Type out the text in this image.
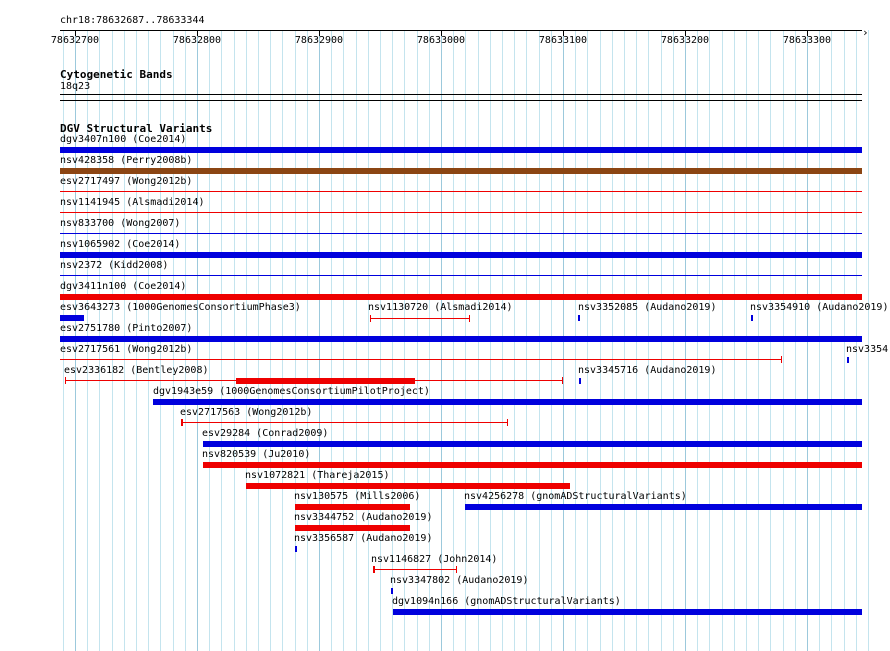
chr18:78632687..78633344
›
78632700	78632800	78632900	78633000	78633100	78633200	78633300
Cytogenetic Bands
18q23
DGV Structural Variants
dgv3407n100 (Coe2014)
nsv428358 (Perry2008b)
esv2717497 (Wong2012b)
nsv1141945 (Alsmadi2014)
nsv833700 (Wong2007)
nsv1065902 (Coe2014)
nsv2372 (Kidd2008)
dgv3411n100 (Coe2014)
esv3643273 (1000GenomesConsortiumPhase3)	nsv1130720 (Alsmadi2014)	nsv3352085 (Audano2019)	nsv3354910 (Audano2019)
esv2751780 (Pinto2007)
esv2717561 (Wong2012b)	nsv3354
esv2336182 (Bentley2008)	nsv3345716 (Audano2019)
dgv1943e59 (1000GenomesConsortiumPilotProject)
esv2717563 (Wong2012b)
esv29284 (Conrad2009)
nsv820539 (Ju2010)
nsv1072821 (Thareja2015)
nsv130575 (Mills2006)	nsv4256278 (gnomADStructuralVariants)
nsv3344752 (Audano2019)
nsv3356587 (Audano2019)
nsv1146827 (John2014)
nsv3347802 (Audano2019)
dgv1094n166 (gnomADStructuralVariants)
